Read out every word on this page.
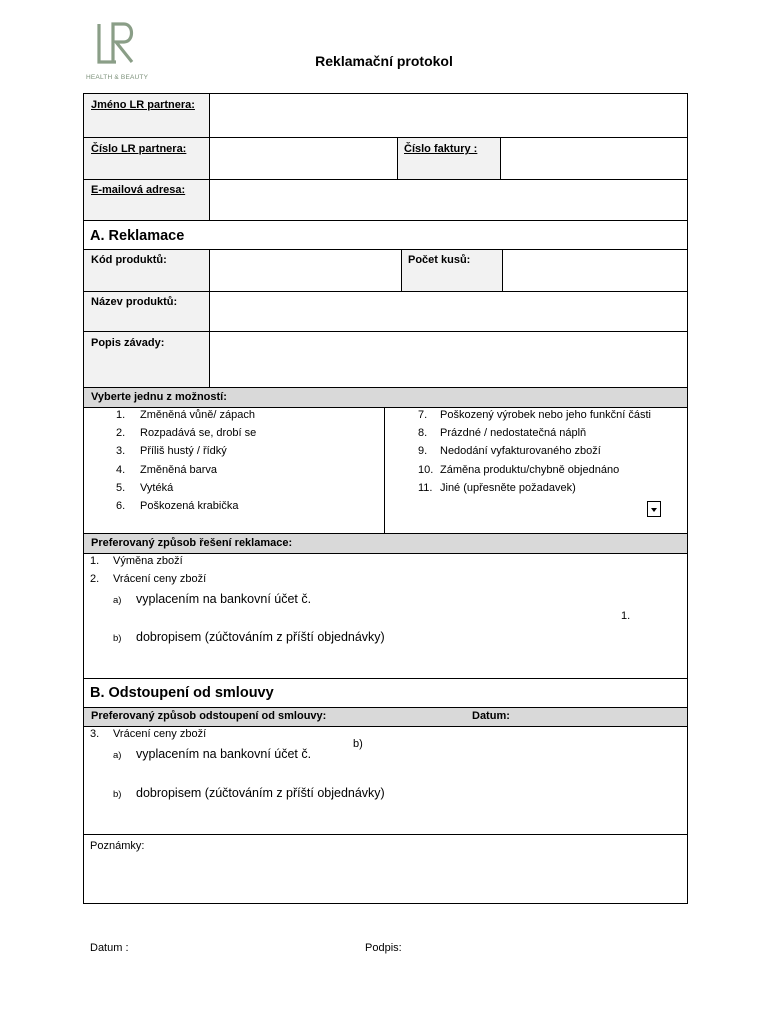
HEALTH & BEAUTY
Reklamační protokol
Jméno LR partnera:
Číslo LR partnera:	Číslo faktury :
E-mailová adresa:
A. Reklamace
Kód produktů:	Počet kusů:
Název produktů:
Popis závady:
Vyberte jednu z možností:
1. Změněná vůně/ zápach
2. Rozpadává se, drobí se
3. Příliš hustý / řídký
4. Změněná barva
5. Vytéká
6. Poškozená krabička
7. Poškozený výrobek nebo jeho funkční části
8. Prázdné / nedostatečná náplň
9. Nedodání vyfakturovaného zboží
10. Záměna produktu/chybně objednáno
11. Jiné (upřesněte požadavek)
Preferovaný způsob řešení reklamace:
1. Výměna zboží
2. Vrácení ceny zboží
a) vyplacením na bankovní účet č.
1.
b) dobropisem (zúčtováním z příští objednávky)
B. Odstoupení od smlouvy
Preferovaný způsob odstoupení od smlouvy:	Datum:
3. Vrácení ceny zboží
b)
a) vyplacením na bankovní účet č.
b) dobropisem (zúčtováním z příští objednávky)
Poznámky:
Datum :	Podpis:
